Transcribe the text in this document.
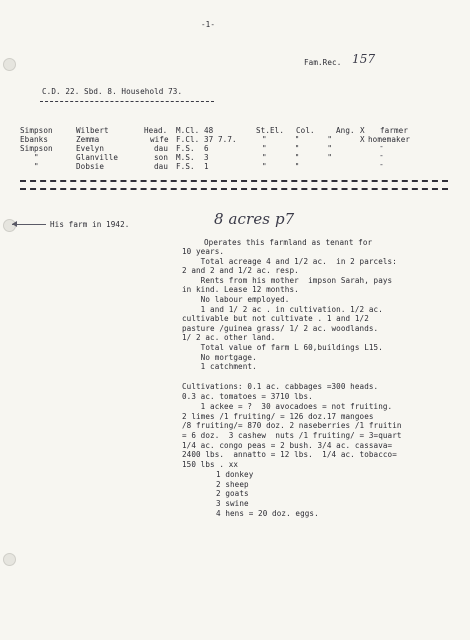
-1-
Fam.Rec. 157
C.D. 22. Sbd. 8. Household 73.
Simpson
Ebanks
Simpson
"
"
Wilbert
Zemma
Evelyn
Glanville
Dobsie
Head.
wife
dau
son
dau
M.Cl.
F.Cl.
F.S.
M.S.
F.S.
48
37 7.7.
6
3
1
St.El. Col.	Ang.
"      "      "
"      "      "
"      "      "
"      "
X farmer
X homemaker
-
-
-
His farm in 1942.	8 acres p7
Operates this farmland as tenant for
10 years.
Total acreage 4 and 1/2 ac.  in 2 parcels:
2 and 2 and 1/2 ac. resp.
Rents from his mother  impson Sarah, pays
in kind. Lease 12 months.
No labour employed.
1 and 1/ 2 ac . in cultivation. 1/2 ac.
cultivable but not cultivate . 1 and 1/2
pasture /guinea grass/ 1/ 2 ac. woodlands.
1/ 2 ac. other land.
Total value of farm L 60,buildings L15.
No mortgage.
1 catchment.
Cultivations: 0.1 ac. cabbages =300 heads.
0.3 ac. tomatoes = 3710 lbs.
1 ackee = ?  30 avocadoes = not fruiting.
2 limes /1 fruiting/ = 126 doz.17 mangoes
/8 fruiting/= 870 doz. 2 naseberries /1 fruitin
= 6 doz.  3 cashew  nuts /1 fruiting/ = 3=quart
1/4 ac. congo peas = 2 bush. 3/4 ac. cassava=
2400 lbs.  annatto = 12 lbs.  1/4 ac. tobacco=
150 lbs . xx
1 donkey
2 sheep
2 goats
3 swine
4 hens = 20 doz. eggs.
